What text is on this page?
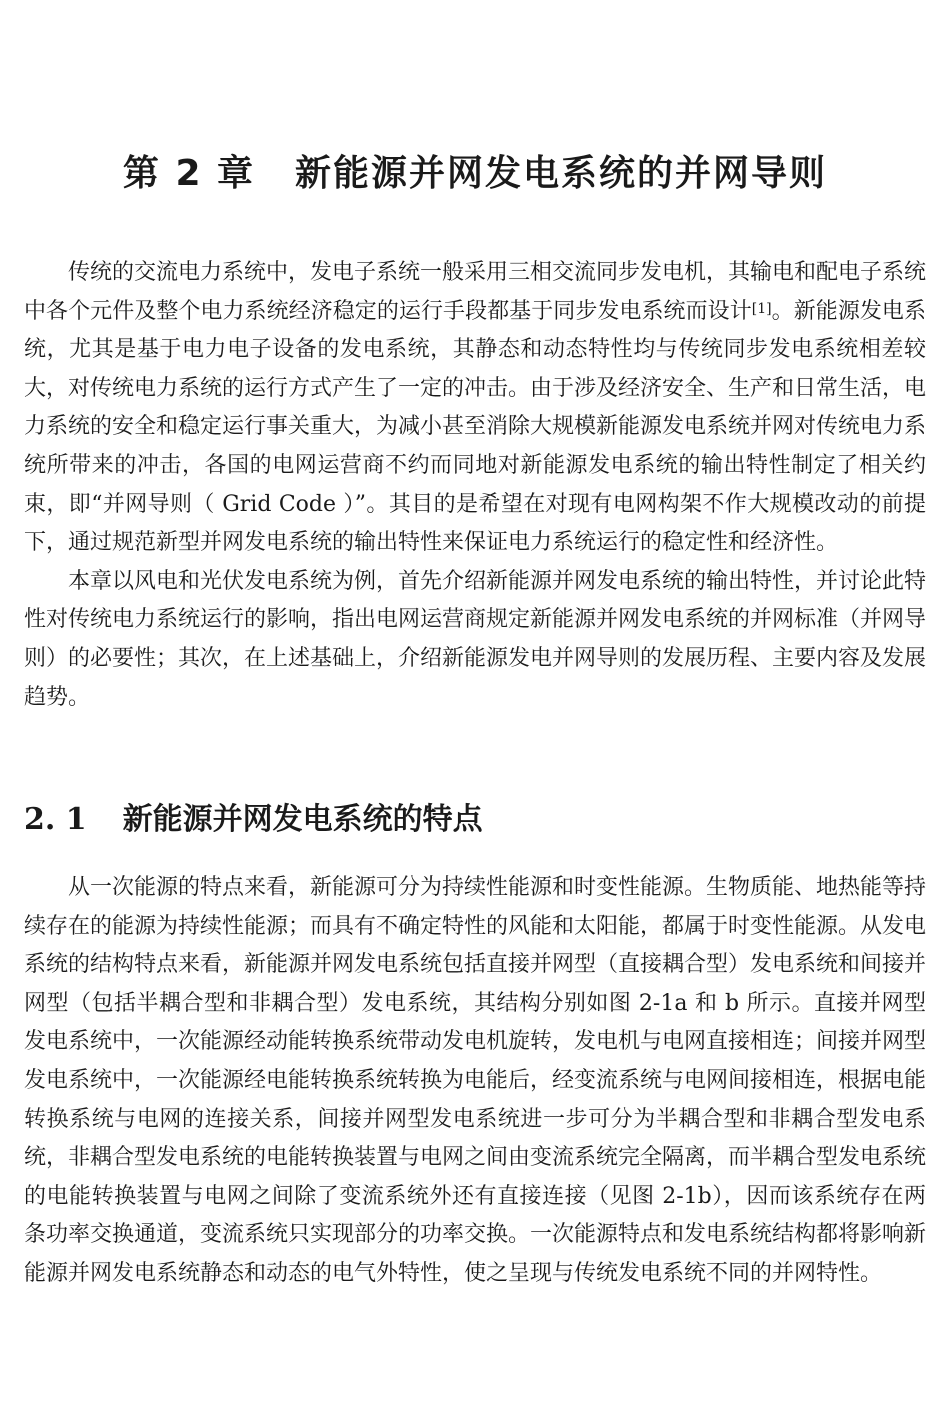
第 2 章 新能源并网发电系统的并网导则

传统的交流电力系统中，发电子系统一般采用三相交流同步发电机，其输电和配电子系统中各个元件及整个电力系统经济稳定的运行手段都基于同步发电系统而设计[1]。新能源发电系统，尤其是基于电力电子设备的发电系统，其静态和动态特性均与传统同步发电系统相差较大，对传统电力系统的运行方式产生了一定的冲击。由于涉及经济安全、生产和日常生活，电力系统的安全和稳定运行事关重大，为减小甚至消除大规模新能源发电系统并网对传统电力系统所带来的冲击，各国的电网运营商不约而同地对新能源发电系统的输出特性制定了相关约束，即“并网导则（ Grid Code ）”。其目的是希望在对现有电网构架不作大规模改动的前提下，通过规范新型并网发电系统的输出特性来保证电力系统运行的稳定性和经济性。

本章以风电和光伏发电系统为例，首先介绍新能源并网发电系统的输出特性，并讨论此特性对传统电力系统运行的影响，指出电网运营商规定新能源并网发电系统的并网标准（并网导则）的必要性；其次，在上述基础上，介绍新能源发电并网导则的发展历程、主要内容及发展趋势。

2. 1 新能源并网发电系统的特点

从一次能源的特点来看，新能源可分为持续性能源和时变性能源。生物质能、地热能等持续存在的能源为持续性能源；而具有不确定特性的风能和太阳能，都属于时变性能源。从发电系统的结构特点来看，新能源并网发电系统包括直接并网型（直接耦合型）发电系统和间接并网型（包括半耦合型和非耦合型）发电系统，其结构分别如图 2-1a 和 b 所示。直接并网型发电系统中，一次能源经动能转换系统带动发电机旋转，发电机与电网直接相连；间接并网型发电系统中，一次能源经电能转换系统转换为电能后，经变流系统与电网间接相连，根据电能转换系统与电网的连接关系，间接并网型发电系统进一步可分为半耦合型和非耦合型发电系统，非耦合型发电系统的电能转换装置与电网之间由变流系统完全隔离，而半耦合型发电系统的电能转换装置与电网之间除了变流系统外还有直接连接（见图 2-1b），因而该系统存在两条功率交换通道，变流系统只实现部分的功率交换。一次能源特点和发电系统结构都将影响新能源并网发电系统静态和动态的电气外特性，使之呈现与传统发电系统不同的并网特性。
